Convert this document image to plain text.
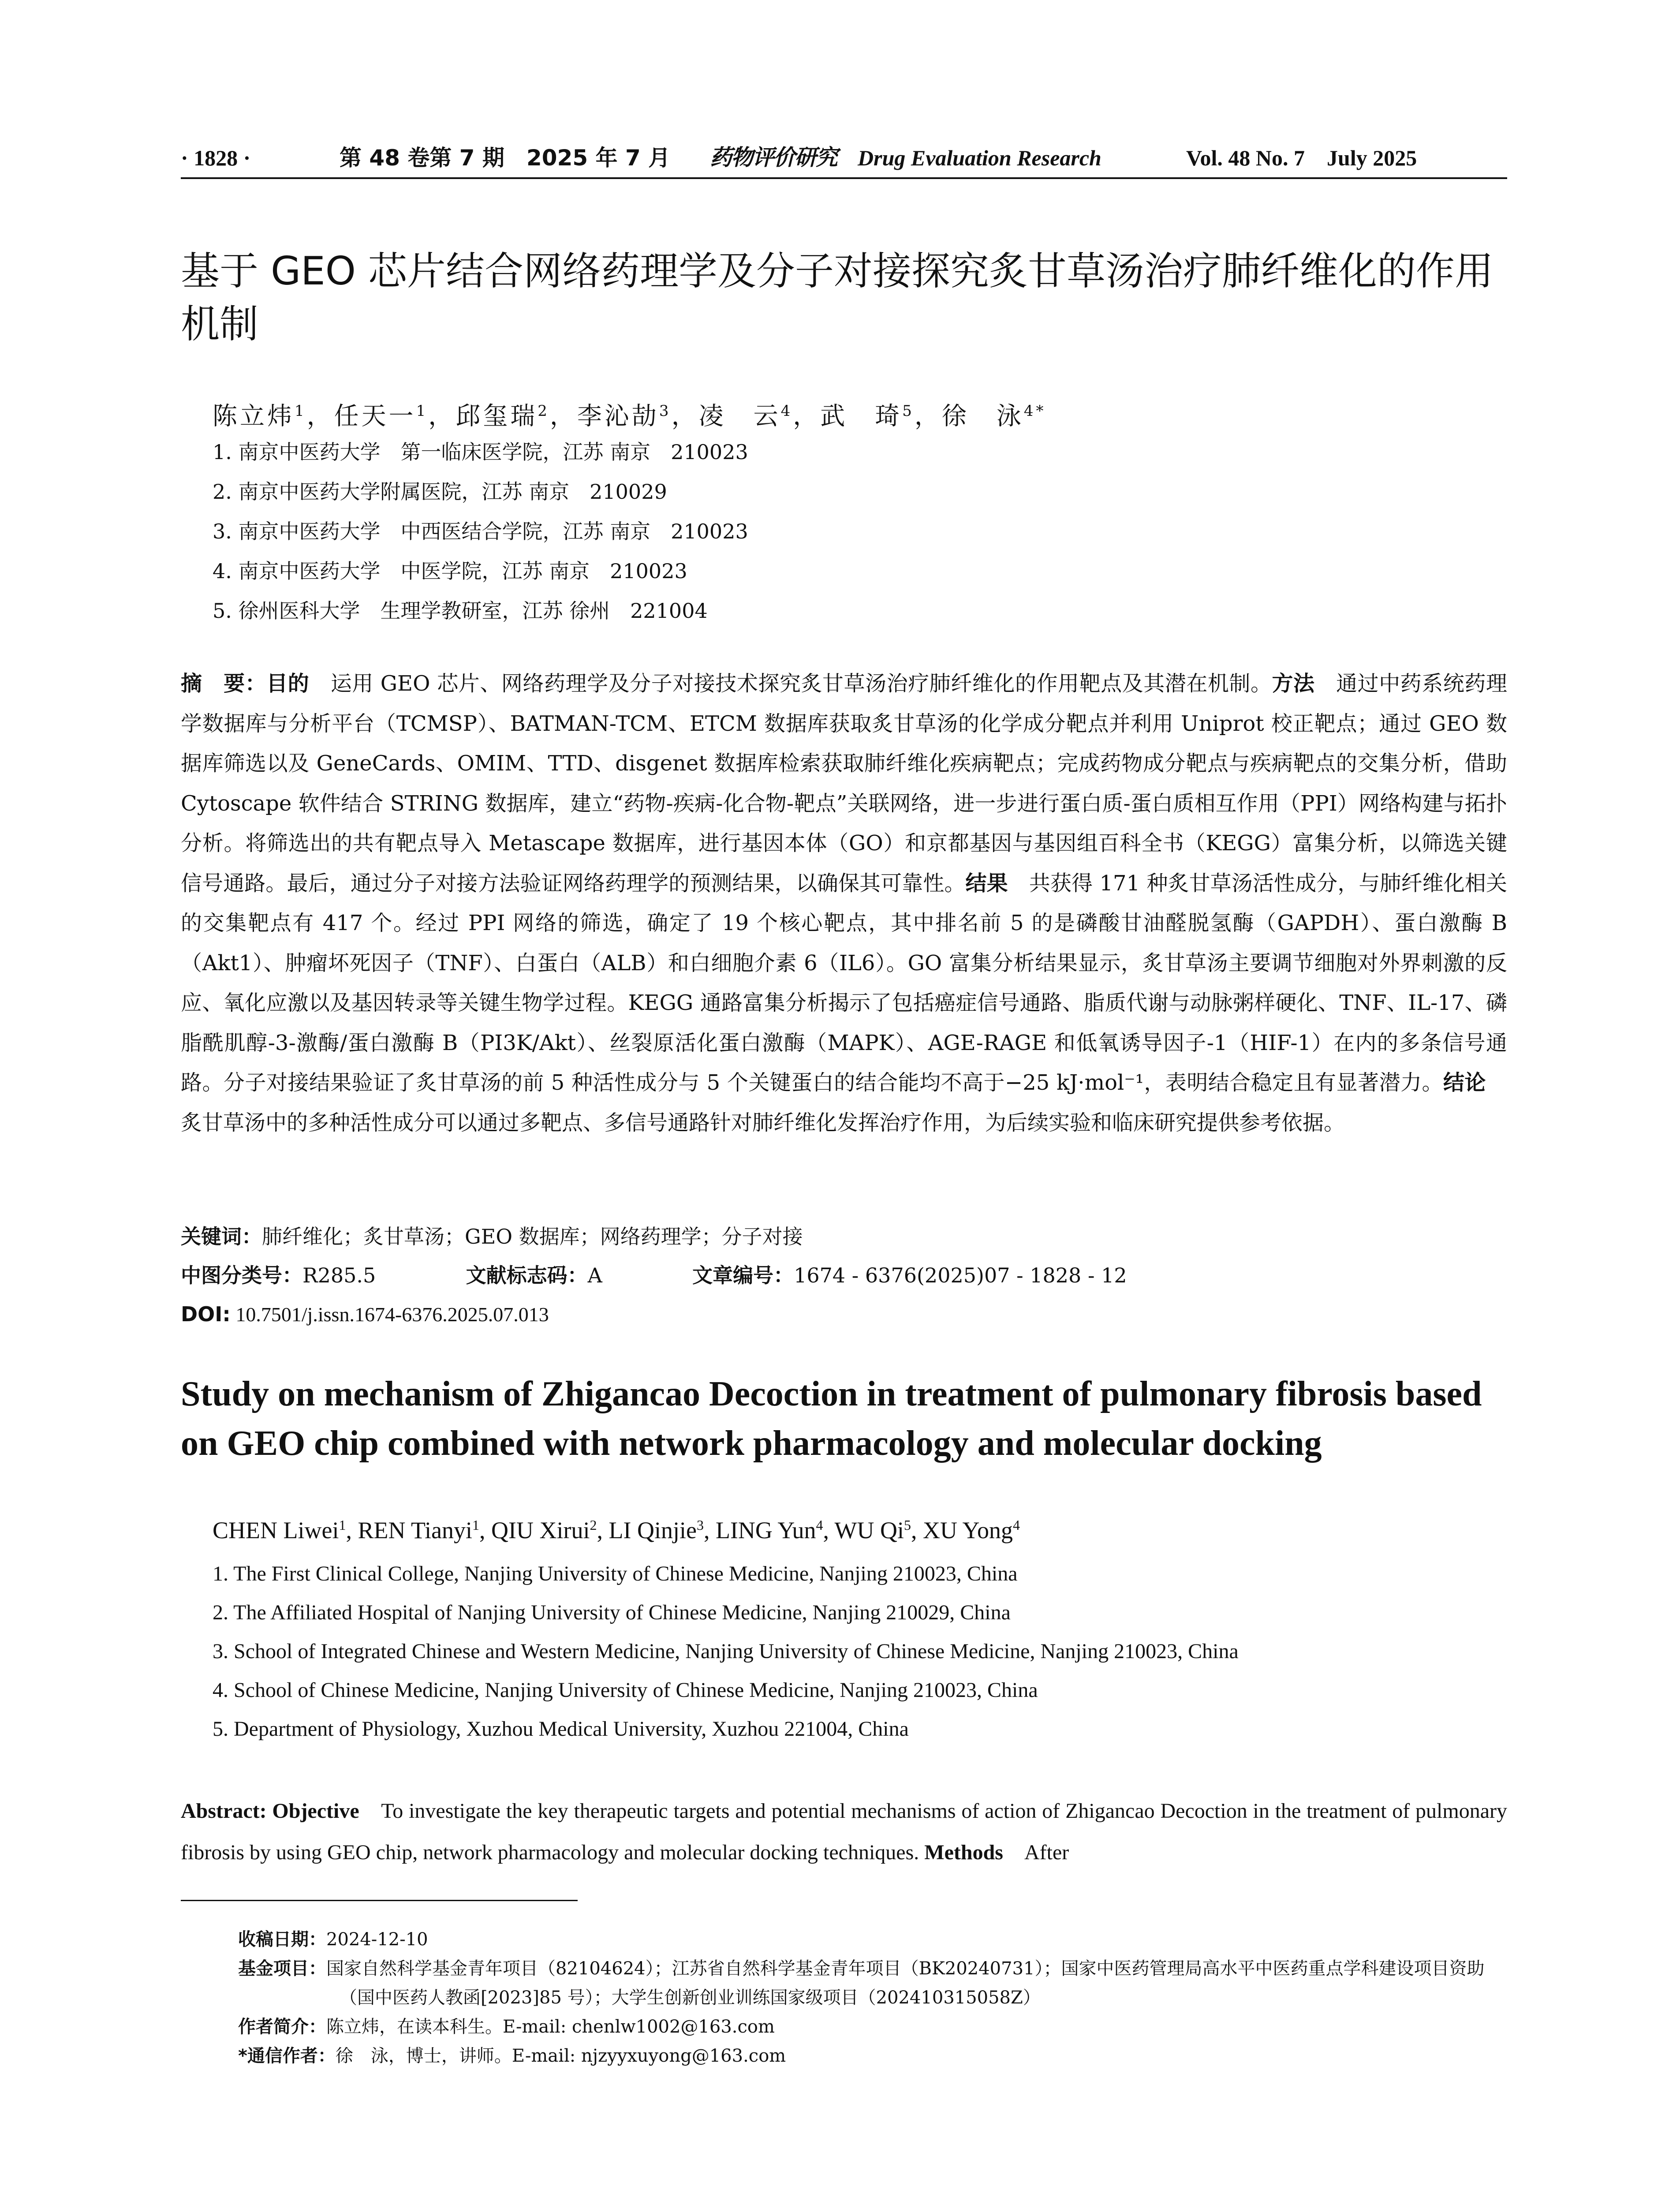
· 1828 ·	第 48 卷第 7 期　2025 年 7 月 药物评价研究 Drug Evaluation Research	Vol. 48 No. 7　July 2025
基于 GEO 芯片结合网络药理学及分子对接探究炙甘草汤治疗肺纤维化的作用机制
陈立炜$^1$，任天一$^1$，邱玺瑞$^2$，李沁劼$^3$，凌　云$^4$，武　琦$^5$，徐　泳$^{4*}$
1. 南京中医药大学　第一临床医学院，江苏 南京　210023
2. 南京中医药大学附属医院，江苏 南京　210029
3. 南京中医药大学　中西医结合学院，江苏 南京　210023
4. 南京中医药大学　中医学院，江苏 南京　210023
5. 徐州医科大学　生理学教研室，江苏 徐州　221004
摘　要：目的　运用 GEO 芯片、网络药理学及分子对接技术探究炙甘草汤治疗肺纤维化的作用靶点及其潜在机制。方法　通过中药系统药理学数据库与分析平台（TCMSP）、BATMAN-TCM、ETCM 数据库获取炙甘草汤的化学成分靶点并利用 Uniprot 校正靶点；通过 GEO 数据库筛选以及 GeneCards、OMIM、TTD、disgenet 数据库检索获取肺纤维化疾病靶点；完成药物成分靶点与疾病靶点的交集分析，借助 Cytoscape 软件结合 STRING 数据库，建立“药物-疾病-化合物-靶点”关联网络，进一步进行蛋白质-蛋白质相互作用（PPI）网络构建与拓扑分析。将筛选出的共有靶点导入 Metascape 数据库，进行基因本体（GO）和京都基因与基因组百科全书（KEGG）富集分析，以筛选关键信号通路。最后，通过分子对接方法验证网络药理学的预测结果，以确保其可靠性。结果　共获得 171 种炙甘草汤活性成分，与肺纤维化相关的交集靶点有 417 个。经过 PPI 网络的筛选，确定了 19 个核心靶点，其中排名前 5 的是磷酸甘油醛脱氢酶（GAPDH）、蛋白激酶 B（Akt1）、肿瘤坏死因子（TNF）、白蛋白（ALB）和白细胞介素 6（IL6）。GO 富集分析结果显示，炙甘草汤主要调节细胞对外界刺激的反应、氧化应激以及基因转录等关键生物学过程。KEGG 通路富集分析揭示了包括癌症信号通路、脂质代谢与动脉粥样硬化、TNF、IL-17、磷脂酰肌醇-3-激酶/蛋白激酶 B（PI3K/Akt）、丝裂原活化蛋白激酶（MAPK）、AGE-RAGE 和低氧诱导因子-1（HIF-1）在内的多条信号通路。分子对接结果验证了炙甘草汤的前 5 种活性成分与 5 个关键蛋白的结合能均不高于−25 kJ·mol⁻¹，表明结合稳定且有显著潜力。结论　炙甘草汤中的多种活性成分可以通过多靶点、多信号通路针对肺纤维化发挥治疗作用，为后续实验和临床研究提供参考依据。
关键词：肺纤维化；炙甘草汤；GEO 数据库；网络药理学；分子对接
中图分类号：R285.5	文献标志码：A	文章编号：1674 - 6376(2025)07 - 1828 - 12
DOI: 10.7501/j.issn.1674-6376.2025.07.013
Study on mechanism of Zhigancao Decoction in treatment of pulmonary fibrosis based on GEO chip combined with network pharmacology and molecular docking
CHEN Liwei$^1$, REN Tianyi$^1$, QIU Xirui$^2$, LI Qinjie$^3$, LING Yun$^4$, WU Qi$^5$, XU Yong$^4$
1. The First Clinical College, Nanjing University of Chinese Medicine, Nanjing 210023, China
2. The Affiliated Hospital of Nanjing University of Chinese Medicine, Nanjing 210029, China
3. School of Integrated Chinese and Western Medicine, Nanjing University of Chinese Medicine, Nanjing 210023, China
4. School of Chinese Medicine, Nanjing University of Chinese Medicine, Nanjing 210023, China
5. Department of Physiology, Xuzhou Medical University, Xuzhou 221004, China
Abstract: Objective　To investigate the key therapeutic targets and potential mechanisms of action of Zhigancao Decoction in the treatment of pulmonary fibrosis by using GEO chip, network pharmacology and molecular docking techniques. Methods　After
收稿日期：2024-12-10
基金项目：国家自然科学基金青年项目（82104624）；江苏省自然科学基金青年项目（BK20240731）；国家中医药管理局高水平中医药重点学科建设项目资助（国中医药人教函[2023]85 号）；大学生创新创业训练国家级项目（202410315058Z）
作者简介：陈立炜，在读本科生。E-mail: chenlw1002@163.com
*通信作者：徐　泳，博士，讲师。E-mail: njzyyxuyong@163.com
